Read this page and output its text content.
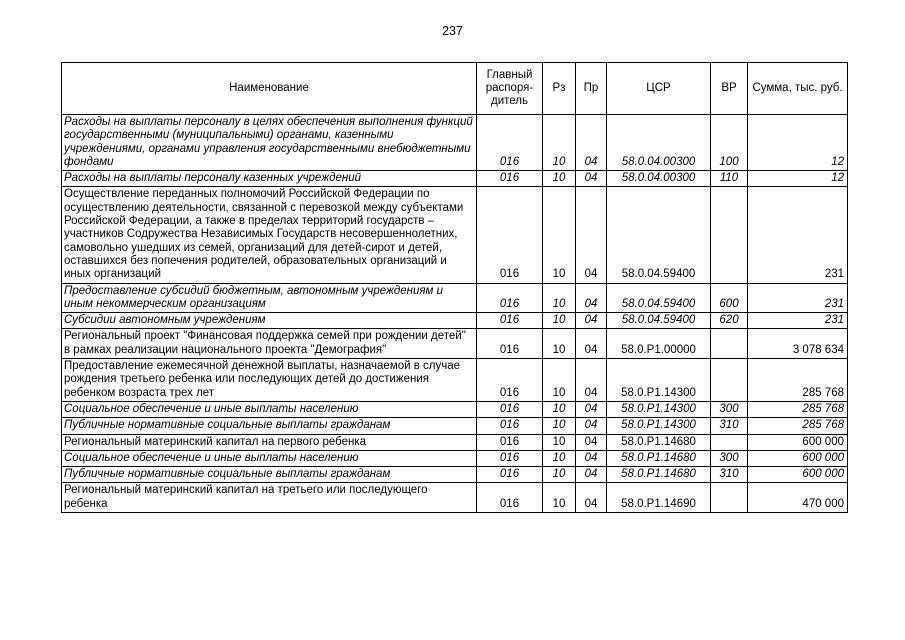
237
Наименование	Главный распоря-дитель	Рз	Пр	ЦСР	ВР	Сумма, тыс. руб.
Расходы на выплаты персоналу в целях обеспечения выполнения функций государственными (муниципальными) органами, казенными учреждениями, органами управления государственными внебюджетными фондами	016	10	04	58.0.04.00300	100	12
Расходы на выплаты персоналу казенных учреждений	016	10	04	58.0.04.00300	110	12
Осуществление переданных полномочий Российской Федерации по осуществлению деятельности, связанной с перевозкой между субъектами Российской Федерации, а также в пределах территорий государств – участников Содружества Независимых Государств несовершеннолетних, самовольно ушедших из семей, организаций для детей-сирот и детей, оставшихся без попечения родителей, образовательных организаций и иных организаций	016	10	04	58.0.04.59400		231
Предоставление субсидий бюджетным, автономным учреждениям и иным некоммерческим организациям	016	10	04	58.0.04.59400	600	231
Субсидии автономным учреждениям	016	10	04	58.0.04.59400	620	231
Региональный проект "Финансовая поддержка семей при рождении детей" в рамках реализации национального проекта "Демография"	016	10	04	58.0.Р1.00000		3 078 634
Предоставление ежемесячной денежной выплаты, назначаемой в случае рождения третьего ребенка или последующих детей до достижения ребенком возраста трех лет	016	10	04	58.0.Р1.14300		285 768
Социальное обеспечение и иные выплаты населению	016	10	04	58.0.Р1.14300	300	285 768
Публичные нормативные социальные выплаты гражданам	016	10	04	58.0.Р1.14300	310	285 768
Региональный материнский капитал на первого ребенка	016	10	04	58.0.Р1.14680		600 000
Социальное обеспечение и иные выплаты населению	016	10	04	58.0.Р1.14680	300	600 000
Публичные нормативные социальные выплаты гражданам	016	10	04	58.0.Р1.14680	310	600 000
Региональный материнский капитал на третьего или последующего ребенка	016	10	04	58.0.Р1.14690		470 000
